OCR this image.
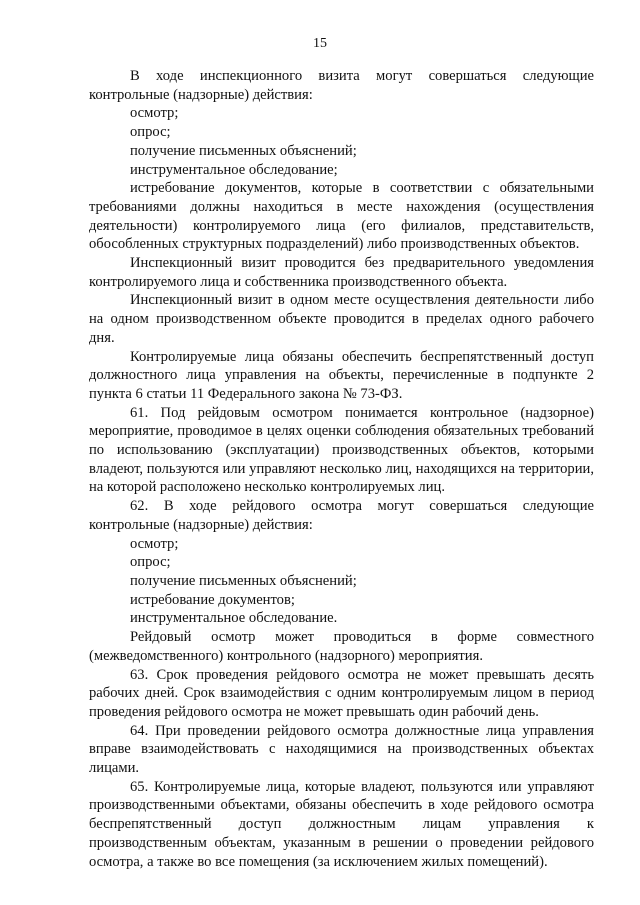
15

В ходе инспекционного визита могут совершаться следующие контрольные (надзорные) действия:

осмотр;

опрос;

получение письменных объяснений;

инструментальное обследование;

истребование документов, которые в соответствии с обязательными требованиями должны находиться в месте нахождения (осуществления деятельности) контролируемого лица (его филиалов, представительств, обособленных структурных подразделений) либо производственных объектов.

Инспекционный визит проводится без предварительного уведомления контролируемого лица и собственника производственного объекта.

Инспекционный визит в одном месте осуществления деятельности либо на одном производственном объекте проводится в пределах одного рабочего дня.

Контролируемые лица обязаны обеспечить беспрепятственный доступ должностного лица управления на объекты, перечисленные в подпункте 2 пункта 6 статьи 11 Федерального закона № 73-ФЗ.

61. Под рейдовым осмотром понимается контрольное (надзорное) мероприятие, проводимое в целях оценки соблюдения обязательных требований по использованию (эксплуатации) производственных объектов, которыми владеют, пользуются или управляют несколько лиц, находящихся на территории, на которой расположено несколько контролируемых лиц.

62. В ходе рейдового осмотра могут совершаться следующие контрольные (надзорные) действия:

осмотр;

опрос;

получение письменных объяснений;

истребование документов;

инструментальное обследование.

Рейдовый осмотр может проводиться в форме совместного (межведомственного) контрольного (надзорного) мероприятия.

63. Срок проведения рейдового осмотра не может превышать десять рабочих дней. Срок взаимодействия с одним контролируемым лицом в период проведения рейдового осмотра не может превышать один рабочий день.

64. При проведении рейдового осмотра должностные лица управления вправе взаимодействовать с находящимися на производственных объектах лицами.

65. Контролируемые лица, которые владеют, пользуются или управляют производственными объектами, обязаны обеспечить в ходе рейдового осмотра беспрепятственный доступ должностным лицам управления к производственным объектам, указанным в решении о проведении рейдового осмотра, а также во все помещения (за исключением жилых помещений).
